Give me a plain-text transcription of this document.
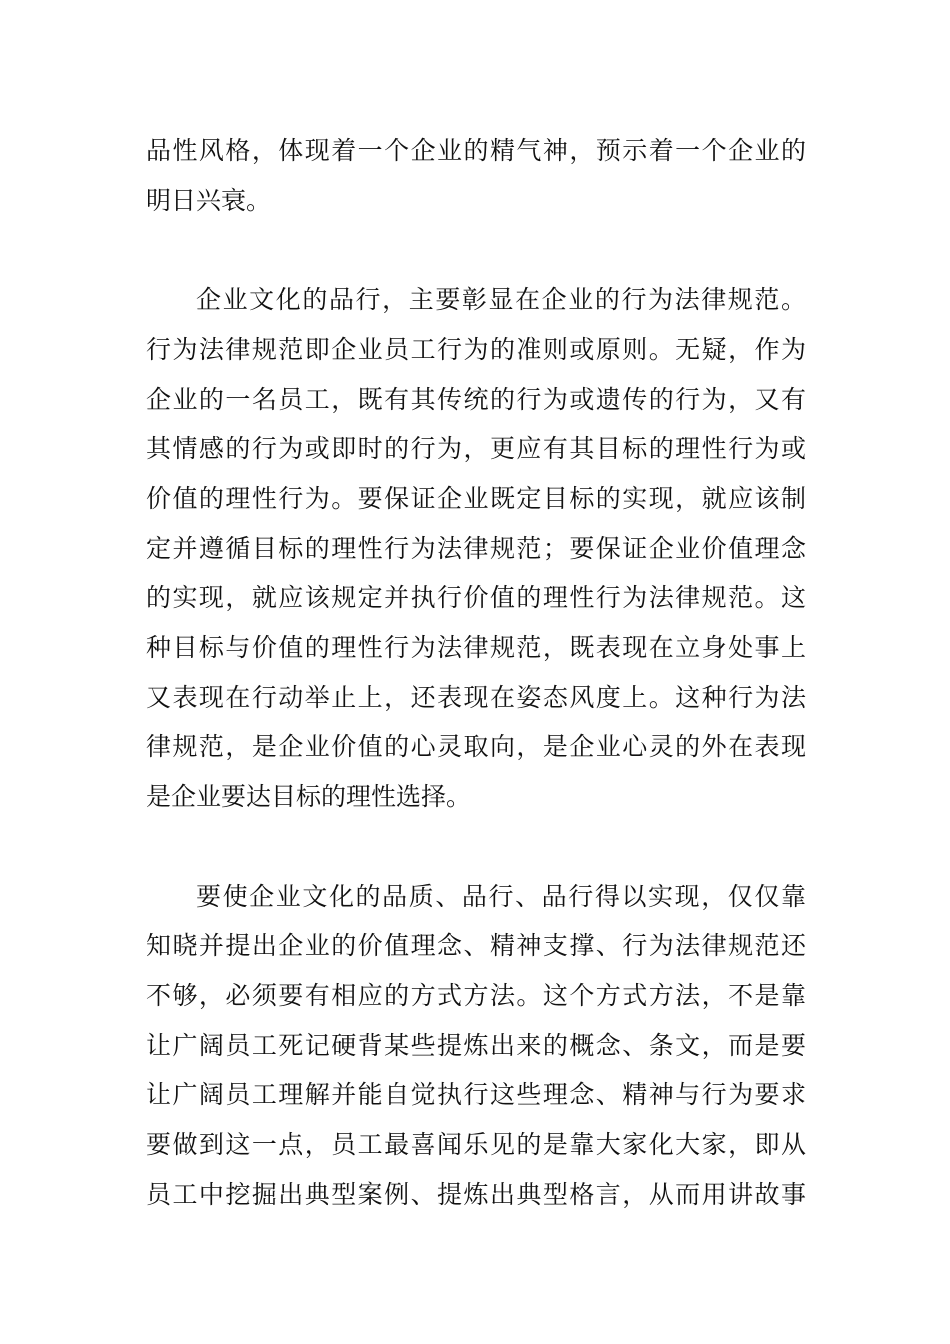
品性风格，体现着一个企业的精气神，预示着一个企业的
明日兴衰。
企业文化的品行，主要彰显在企业的行为法律规范。
行为法律规范即企业员工行为的准则或原则。无疑，作为
企业的一名员工，既有其传统的行为或遗传的行为，又有
其情感的行为或即时的行为，更应有其目标的理性行为或
价值的理性行为。要保证企业既定目标的实现，就应该制
定并遵循目标的理性行为法律规范；要保证企业价值理念
的实现，就应该规定并执行价值的理性行为法律规范。这
种目标与价值的理性行为法律规范，既表现在立身处事上
又表现在行动举止上，还表现在姿态风度上。这种行为法
律规范，是企业价值的心灵取向，是企业心灵的外在表现
是企业要达目标的理性选择。
要使企业文化的品质、品行、品行得以实现，仅仅靠
知晓并提出企业的价值理念、精神支撑、行为法律规范还
不够，必须要有相应的方式方法。这个方式方法，不是靠
让广阔员工死记硬背某些提炼出来的概念、条文，而是要
让广阔员工理解并能自觉执行这些理念、精神与行为要求
要做到这一点，员工最喜闻乐见的是靠大家化大家，即从
员工中挖掘出典型案例、提炼出典型格言，从而用讲故事
